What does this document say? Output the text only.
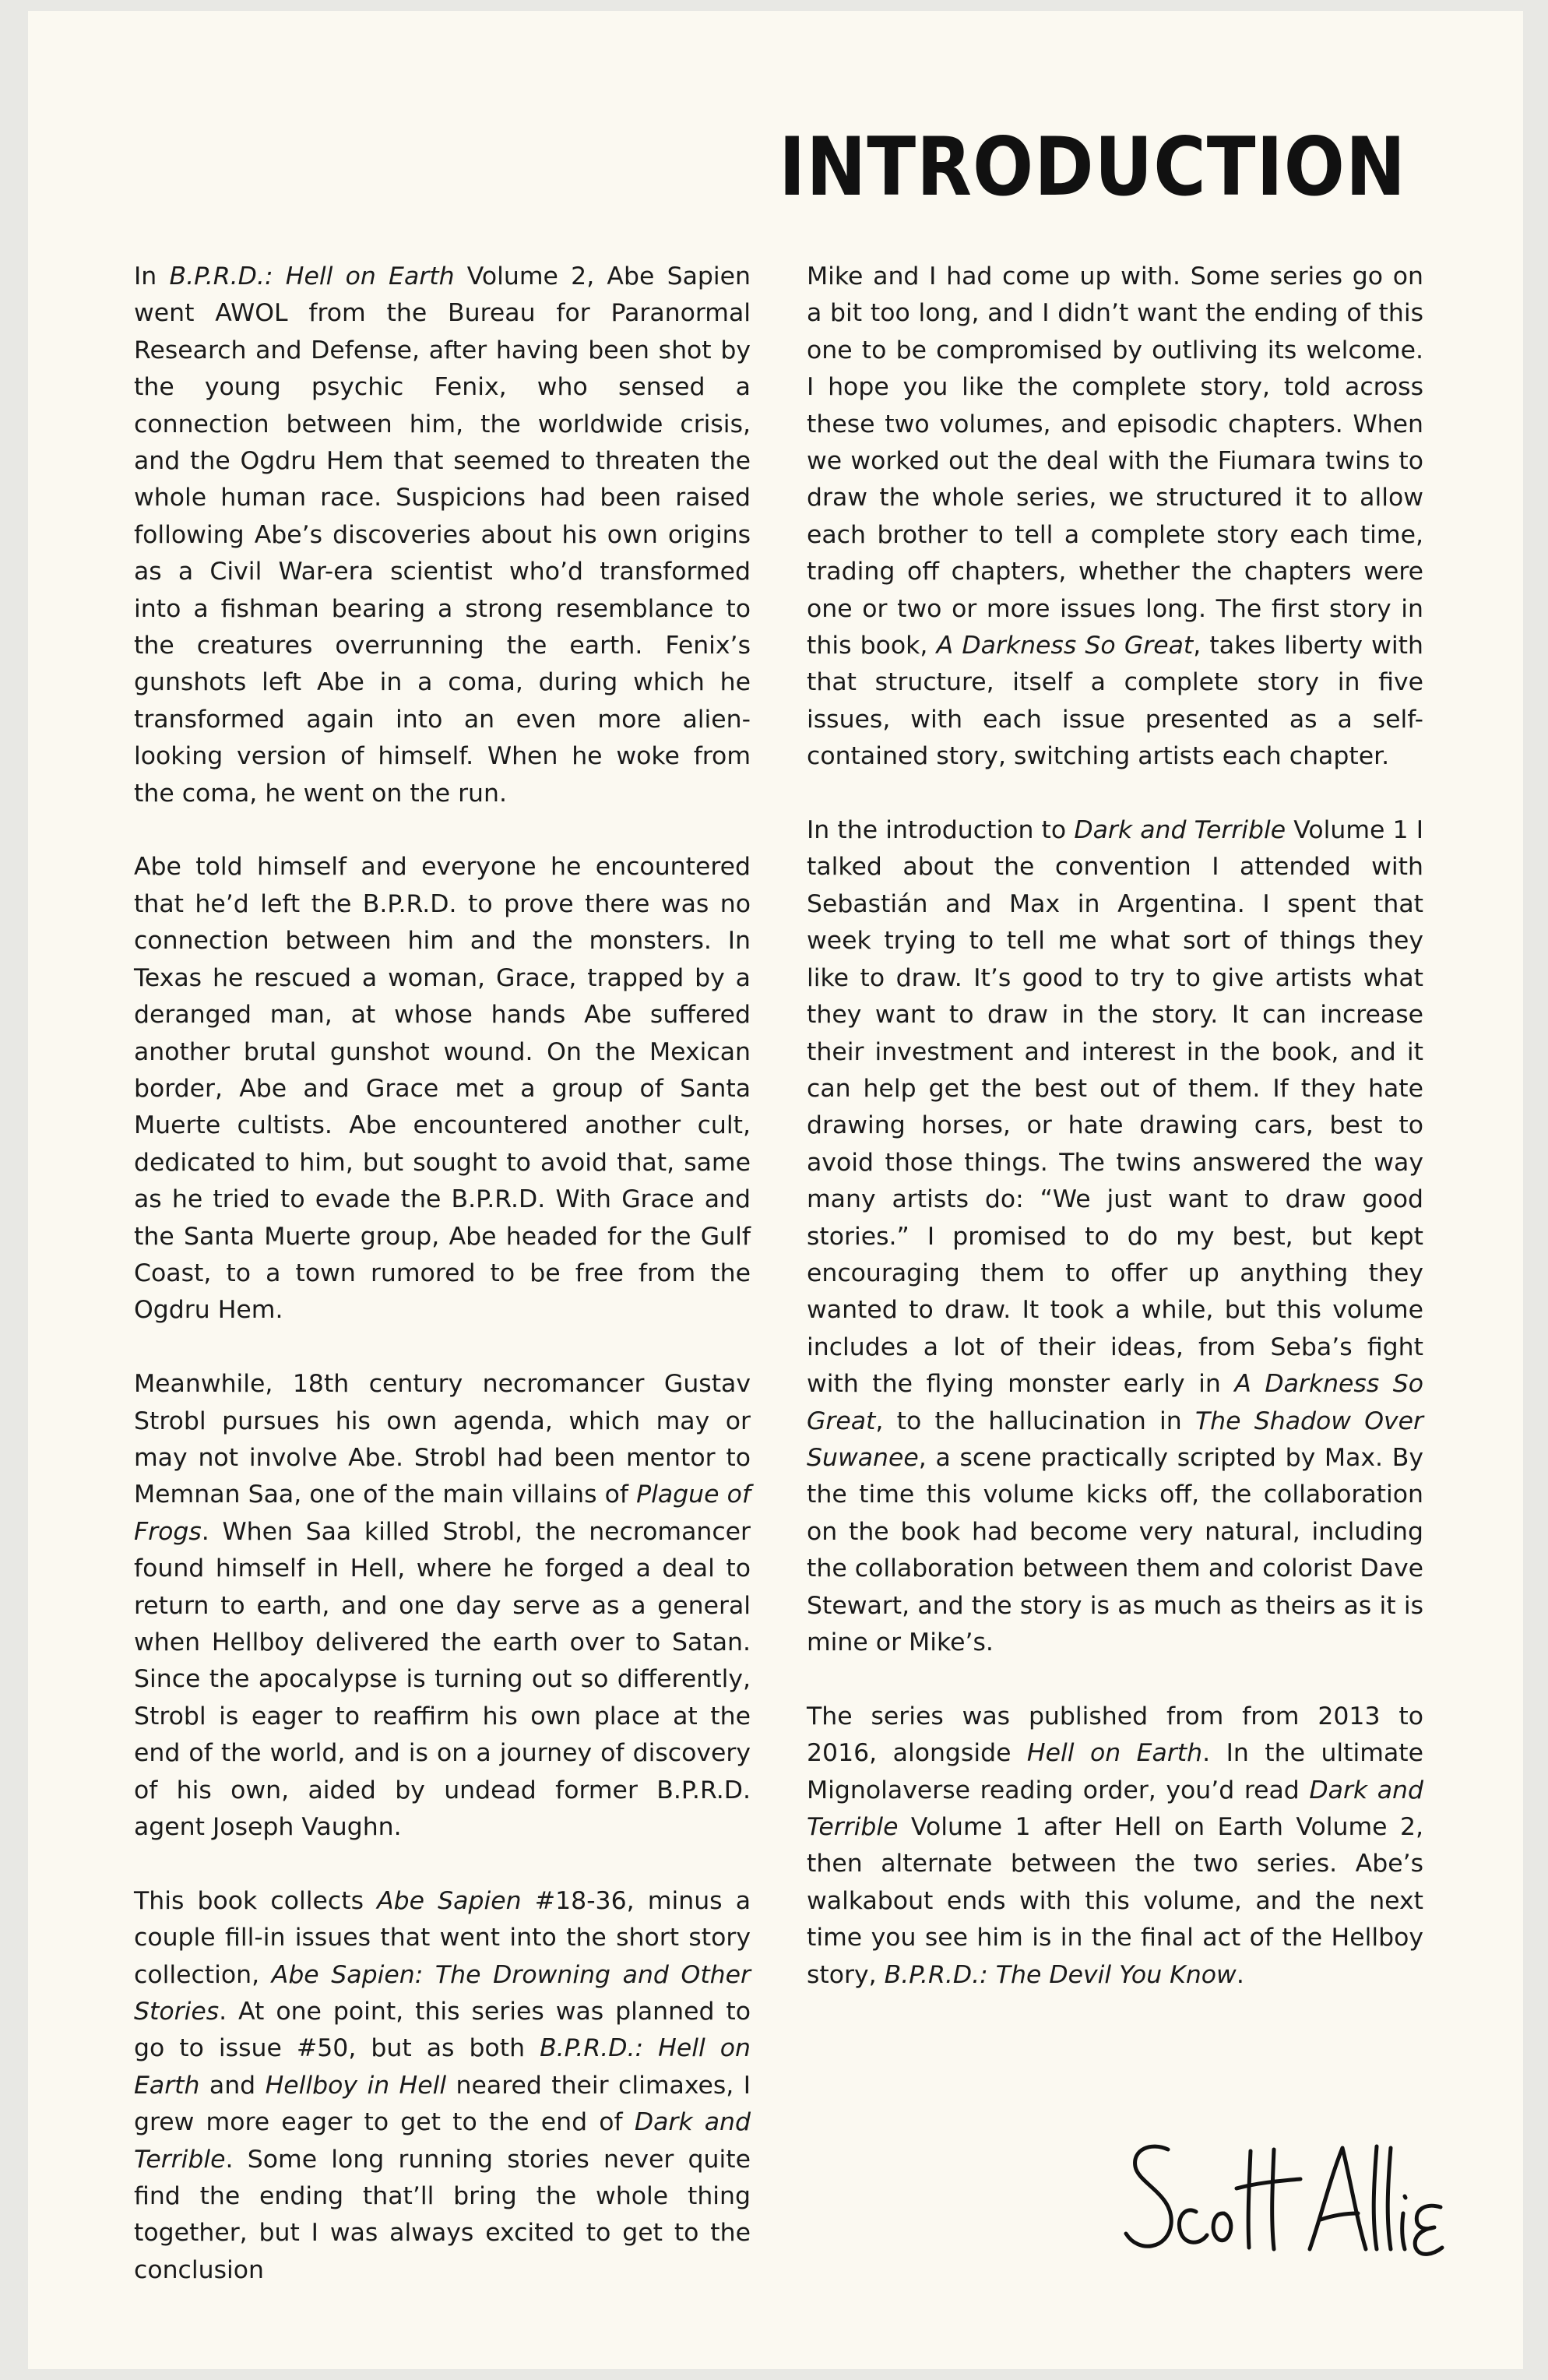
INTRODUCTION

In B.P.R.D.: Hell on Earth Volume 2, Abe Sapien went AWOL from the Bureau for Paranormal Research and Defense, after having been shot by the young psychic Fenix, who sensed a connection between him, the worldwide crisis, and the Ogdru Hem that seemed to threaten the whole human race. Suspicions had been raised following Abe’s discoveries about his own origins as a Civil War-era scientist who’d transformed into a fishman bearing a strong resemblance to the creatures overrunning the earth. Fenix’s gunshots left Abe in a coma, during which he transformed again into an even more alien-looking version of himself. When he woke from the coma, he went on the run.

Abe told himself and everyone he encountered that he’d left the B.P.R.D. to prove there was no connection between him and the monsters. In Texas he rescued a woman, Grace, trapped by a deranged man, at whose hands Abe suffered another brutal gunshot wound. On the Mexican border, Abe and Grace met a group of Santa Muerte cultists. Abe encountered another cult, dedicated to him, but sought to avoid that, same as he tried to evade the B.P.R.D. With Grace and the Santa Muerte group, Abe headed for the Gulf Coast, to a town rumored to be free from the Ogdru Hem.

Meanwhile, 18th century necromancer Gustav Strobl pursues his own agenda, which may or may not involve Abe. Strobl had been mentor to Memnan Saa, one of the main villains of Plague of Frogs. When Saa killed Strobl, the necromancer found himself in Hell, where he forged a deal to return to earth, and one day serve as a general when Hellboy delivered the earth over to Satan. Since the apocalypse is turning out so differently, Strobl is eager to reaffirm his own place at the end of the world, and is on a journey of discovery of his own, aided by undead former B.P.R.D. agent Joseph Vaughn.

This book collects Abe Sapien #18-36, minus a couple fill-in issues that went into the short story collection, Abe Sapien: The Drowning and Other Stories. At one point, this series was planned to go to issue #50, but as both B.P.R.D.: Hell on Earth and Hellboy in Hell neared their climaxes, I grew more eager to get to the end of Dark and Terrible. Some long running stories never quite find the ending that’ll bring the whole thing together, but I was always excited to get to the conclusion

Mike and I had come up with. Some series go on a bit too long, and I didn’t want the ending of this one to be compromised by outliving its welcome. I hope you like the complete story, told across these two volumes, and episodic chapters. When we worked out the deal with the Fiumara twins to draw the whole series, we structured it to allow each brother to tell a complete story each time, trading off chapters, whether the chapters were one or two or more issues long. The first story in this book, A Darkness So Great, takes liberty with that structure, itself a complete story in five issues, with each issue presented as a self-contained story, switching artists each chapter.

In the introduction to Dark and Terrible Volume 1 I talked about the convention I attended with Sebastián and Max in Argentina. I spent that week trying to tell me what sort of things they like to draw. It’s good to try to give artists what they want to draw in the story. It can increase their investment and interest in the book, and it can help get the best out of them. If they hate drawing horses, or hate drawing cars, best to avoid those things. The twins answered the way many artists do: “We just want to draw good stories.” I promised to do my best, but kept encouraging them to offer up anything they wanted to draw. It took a while, but this volume includes a lot of their ideas, from Seba’s fight with the flying monster early in A Darkness So Great, to the hallucination in The Shadow Over Suwanee, a scene practically scripted by Max. By the time this volume kicks off, the collaboration on the book had become very natural, including the collaboration between them and colorist Dave Stewart, and the story is as much as theirs as it is mine or Mike’s.

The series was published from from 2013 to 2016, alongside Hell on Earth. In the ultimate Mignolaverse reading order, you’d read Dark and Terrible Volume 1 after Hell on Earth Volume 2, then alternate between the two series. Abe’s walkabout ends with this volume, and the next time you see him is in the final act of the Hellboy story, B.P.R.D.: The Devil You Know.
